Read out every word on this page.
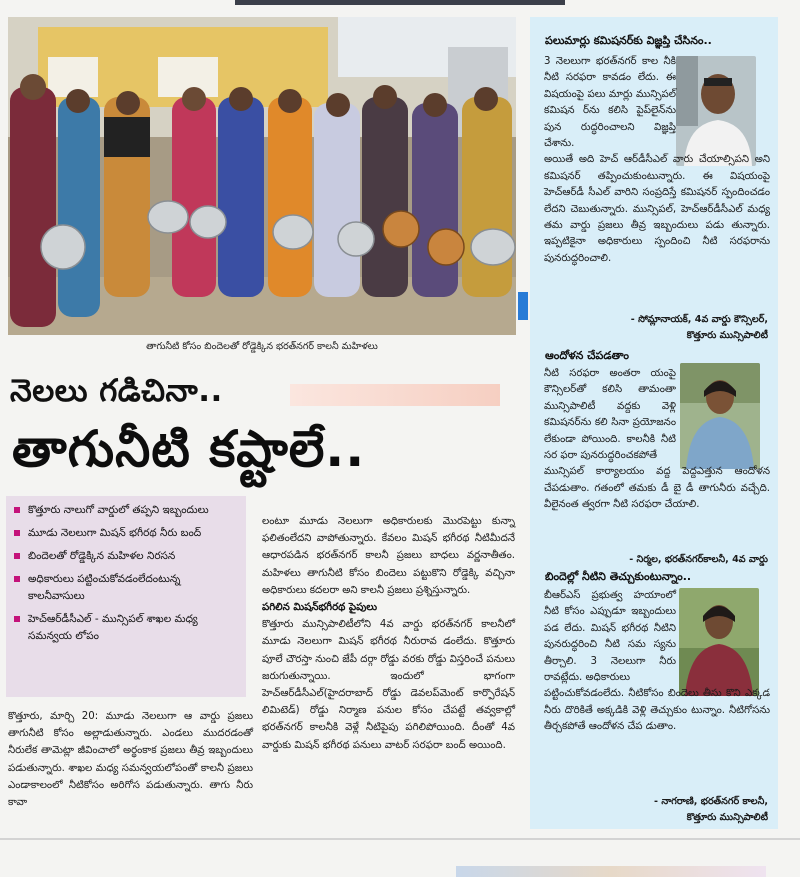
తాగునీటి కోసం బిందెలతో రోడ్డెక్కిన భరత్‌నగర్ కాలనీ మహిళలు
నెలలు గడిచినా..
తాగునీటి కష్టాలే..
కొత్తూరు నాలుగో వార్డులో తప్పని ఇబ్బందులు
మూడు నెలలుగా మిషన్ భగీరథ నీరు బంద్
బిందెలతో రోడ్డెక్కిన మహిళల నిరసన
అధికారులు పట్టించుకోవడంలేదంటున్న కాలనీవాసులు
హెచ్‌ఆర్‌డీసీఎల్ - మున్సిపల్ శాఖల మధ్య సమన్వయ లోపం
కొత్తూరు, మార్చి 20: మూడు నెలలుగా ఆ వార్డు ప్రజలు తాగునీటి కోసం అల్లాడుతున్నారు. ఎండలు ముదరడంతో నీరులేక తామెట్లా జీవించాలో అర్థంకాక ప్రజలు తీవ్ర ఇబ్బందులు పడుతున్నారు. శాఖల మధ్య సమన్వయలోపంతో కాలనీ ప్రజలు ఎండాకాలంలో నీటికోసం అరిగోస పడుతున్నారు. తాగు నీరు కావా

లంటూ మూడు నెలలుగా అధికారులకు మొరపెట్టు కున్నా ఫలితంలేదని వాపోతున్నారు. కేవలం మిషన్ భగీరథ నీటిమీదనే ఆధారపడిన భరత్‌నగర్ కాలనీ ప్రజలు బాధలు వర్ణనాతీతం. మహిళలు తాగునీటి కోసం బిందెలు పట్టుకొని రోడ్డెక్కి వచ్చినా అధికారులు కదలరా అని కాలనీ ప్రజలు ప్రశ్నిస్తున్నారు.

పగిలిన మిషన్‌భగీరథ పైపులు

కొత్తూరు మున్సిపాలిటీలోని 4వ వార్డు భరత్‌నగర్ కాలనీలో మూడు నెలలుగా మిషన్ భగీరథ నీరురావ డంలేదు. కొత్తూరు పూలే చౌరస్తా నుంచి జేపీ దర్గా రోడ్డు వరకు రోడ్డు విస్తరించే పనులు జరుగుతున్నాయి. ఇందులో భాగంగా హెచ్‌ఆర్‌డీసీఎల్(హైదరాబాద్ రోడ్డు డెవలప్‌మెంట్ కార్పొరేషన్ లిమిటెడ్) రోడ్డు నిర్మాణ పనుల కోసం చేపట్టే తవ్వకాల్లో భరత్‌నగర్ కాలనీకి వెళ్లే నీటిపైపు పగిలిపోయింది. దీంతో 4వ వార్డుకు మిషన్ భగీరథ పనులు వాటర్ సరఫరా బంద్ అయింది.

పలుమార్లు కమిషనర్‌కు విజ్ఞప్తి చేసినం..
3 నెలలుగా భరత్‌నగర్ కాల నీకి నీటి సరఫరా కావడం లేదు. ఈ విషయంపై పలు మార్లు మున్సిపల్ కమిషన ర్‌ను కలిసి పైప్‌లైన్‌ను పున రుద్ధరించాలని విజ్ఞప్తి చేశాను.
అయితే అది హెచ్ ఆర్‌డీసీఎల్ వారు చేయాల్సిపని అని కమిషనర్ తప్పించుకుంటున్నారు. ఈ విషయంపై హెచ్‌ఆర్‌డీ సీఎల్ వారిని సంప్రదిస్తే కమిషనర్ స్పందించడం లేదని చెబుతున్నారు. మున్సిపల్, హెచ్‌ఆర్‌డీసీఎల్ మధ్య తమ వార్డు ప్రజలు తీవ్ర ఇబ్బందులు పడు తున్నారు. ఇప్పటికైనా అధికారులు స్పందించి నీటి సరఫరాను పునరుద్ధరించాలి.
- సోమ్లానాయక్, 4వ వార్డు కౌన్సిలర్,
కొత్తూరు మున్సిపాలిటీ
ఆందోళన చేపడతాం
నీటి సరఫరా అంతరా యంపై కౌన్సిలర్‌తో కలిసి తామంతా మున్సిపాలిటీ వద్దకు వెళ్లి కమిషనర్‌ను కలి సినా ప్రయోజనం లేకుండా పోయింది. కాలనీకి నీటి సర ఫరా పునరుద్ధరించకపోతే
మున్సిపల్ కార్యాలయం వద్ద పెద్దఎత్తున ఆందోళన చేపడుతాం. గతంలో తమకు డీ బై డీ తాగునీరు వచ్చేది. వీలైనంత త్వరగా నీటి సరఫరా చేయాలి.
- నిర్మల, భరత్‌నగర్‌కాలనీ, 4వ వార్డు
బిందెల్లో నీటిని తెచ్చుకుంటున్నాం..
బీఆర్‌ఎస్ ప్రభుత్వ హయాంలో నీటి కోసం ఎప్పుడూ ఇబ్బందులు పడ లేదు. మిషన్ భగీరథ నీటిని పునరుద్ధరించి నీటి సమ స్యను తీర్చాలి. 3 నెలలుగా నీరు రావట్లేదు. అధికారులు
పట్టించుకోవడంలేదు. నీటికోసం బిందెలు తీసు కొని ఎక్కడ నీరు దొరికితే అక్కడికి వెళ్లి తెచ్చుకుం టున్నాం. నీటిగోసను తీర్చకపోతే ఆందోళన చేప డుతాం.
- నాగరాణి, భరత్‌నగర్ కాలనీ,
కొత్తూరు మున్సిపాలిటీ
